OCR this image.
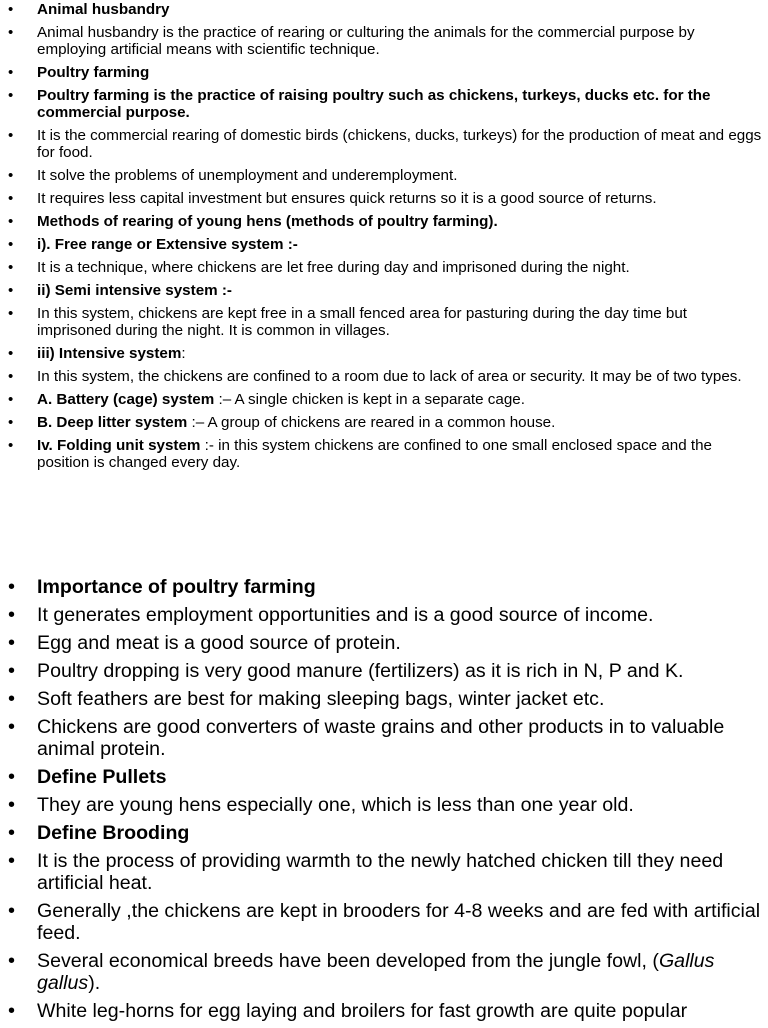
• Animal husbandry
• Animal husbandry is the practice of rearing or culturing the animals for the commercial purpose by employing artificial means with scientific technique.
• Poultry farming
• Poultry farming is the practice of raising poultry such as chickens, turkeys, ducks etc. for the commercial purpose.
• It is the commercial rearing of domestic birds (chickens, ducks, turkeys) for the production of meat and eggs for food.
• It solve the problems of unemployment and underemployment.
• It requires less capital investment but ensures quick returns so it is a good source of returns.
• Methods of rearing of young hens (methods of poultry farming).
• i). Free range or Extensive system :-
• It is a technique, where chickens are let free during day and imprisoned during the night.
• ii) Semi intensive system :-
• In this system, chickens are kept free in a small fenced area for pasturing during the day time but imprisoned during the night. It is common in villages.
• iii) Intensive system:
• In this system, the chickens are confined to a room due to lack of area or security. It may be of two types.
• A. Battery (cage) system :– A single chicken is kept in a separate cage.
• B. Deep litter system :– A group of chickens are reared in a common house.
• Iv. Folding unit system :- in this system chickens are confined to one small enclosed space and the position is changed every day.
• Importance of poultry farming
• It generates employment opportunities and is a good source of income.
• Egg and meat is a good source of protein.
• Poultry dropping is very good manure (fertilizers) as it is rich in N, P and K.
• Soft feathers are best for making sleeping bags, winter jacket etc.
• Chickens are good converters of waste grains and other products in to valuable animal protein.
• Define Pullets
• They are young hens especially one, which is less than one year old.
• Define Brooding
• It is the process of providing warmth to the newly hatched chicken till they need artificial heat.
• Generally ,the chickens are kept in brooders for 4-8 weeks and are fed with artificial feed.
• Several economical breeds have been developed from the jungle fowl, (Gallus gallus).
• White leg-horns for egg laying and broilers for fast growth are quite popular
